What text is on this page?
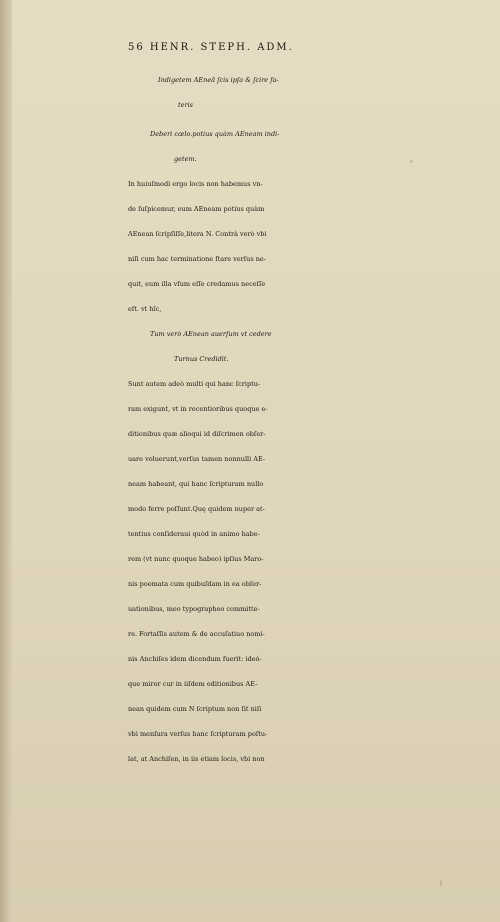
56 HENR. STEPH. ADM.
Indigetem AEneã ſcis ipſa & ſcire fa-
teris
Deberi cœlo.potius quàm AEneam indi-
getem.
In huiuſmodi ergo locis non habemus vn-
de ſuſpicemur, eum AEneam potius quàm
AEnean ſcripſiſſe,litera N. Contrà verò vbi
niſi cum hac terminatione ſtare verſus ne-
quit, eum illa vſum eſſe credamus neceſſe
eſt. vt hîc,
Tum verò AEnean auerſum vt cedere
Turnus Credidit.
Sunt autem adeò multi qui hanc ſcriptu-
ram exigunt, vt in recentioribus quoque e-
ditionibus quæ alioqui id diſcrimen obſer-
uare voluerunt,verſus tamen nonnulli AE-
neam habeant, qui hanc ſcripturam nullo
modo ferre poſſunt.Quę quidem nuper at-
tentius conſideraui quòd in animo habe-
rem (vt nunc quoque habeo) ipſius Maro-
nis poemata cum quibuſdam in ea obſer-
uationibus, meo typographeo committe-
re. Fortaſſis autem & de accuſatiuo nomi-
nis Anchiſes idem dicendum fuerit: ideó-
que miror cur in iiſdem editionibus AE-
nean quidem cum N ſcriptum non ſit niſi
vbi menſura verſus hanc ſcripturam poſtu-
lat, at Anchiſen, in iis etiam locis, vbi non
